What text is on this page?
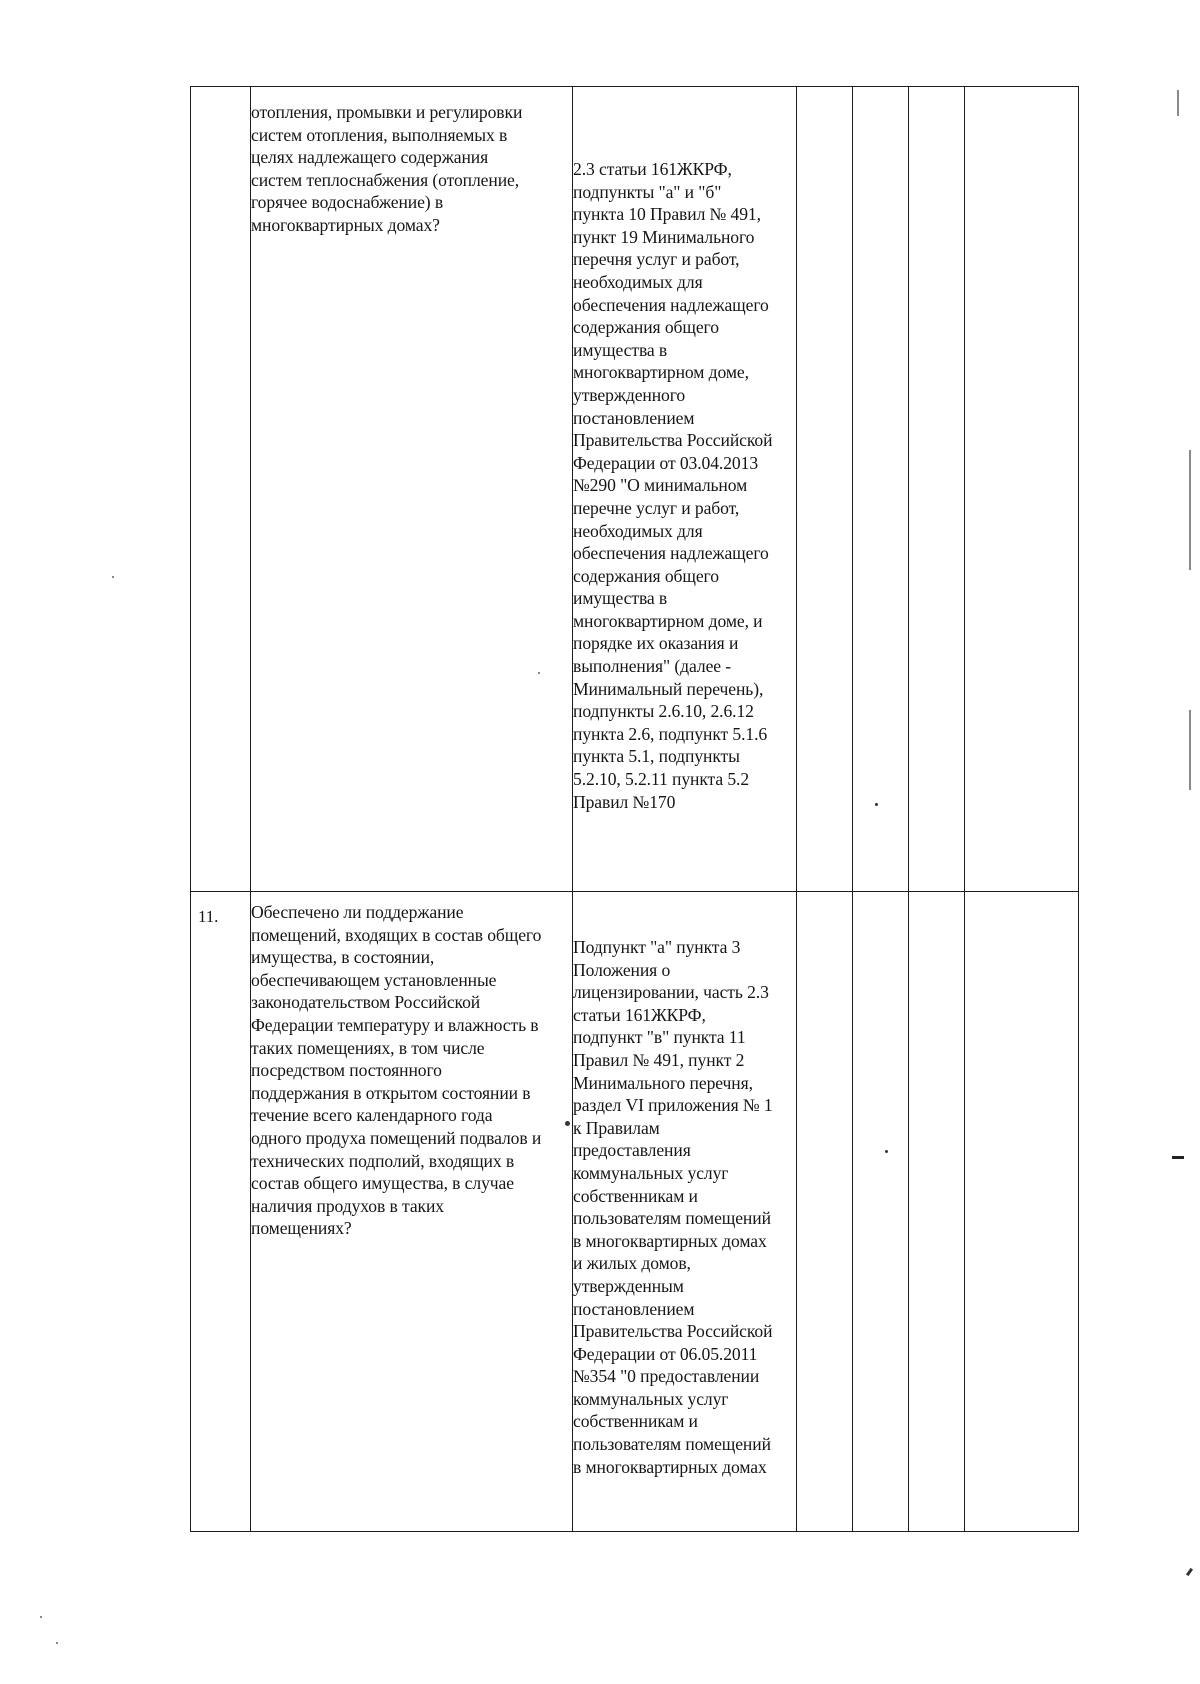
11.
отопления, промывки и регулировки
систем отопления, выполняемых в
целях надлежащего содержания
систем теплоснабжения (отопление,
горячее водоснабжение) в
многоквартирных домах?
2.3 статьи 161ЖКРФ,
подпункты "а" и "б"
пункта 10 Правил № 491,
пункт 19 Минимального
перечня услуг и работ,
необходимых для
обеспечения надлежащего
содержания общего
имущества в
многоквартирном доме,
утвержденного
постановлением
Правительства Российской
Федерации от 03.04.2013
№290 "О минимальном
перечне услуг и работ,
необходимых для
обеспечения надлежащего
содержания общего
имущества в
многоквартирном доме, и
порядке их оказания и
выполнения" (далее -
Минимальный перечень),
подпункты 2.6.10, 2.6.12
пункта 2.6, подпункт 5.1.6
пункта 5.1, подпункты
5.2.10, 5.2.11 пункта 5.2
Правил №170
Обеспечено ли поддержание
помещений, входящих в состав общего
имущества, в состоянии,
обеспечивающем установленные
законодательством Российской
Федерации температуру и влажность в
таких помещениях, в том числе
посредством постоянного
поддержания в открытом состоянии в
течение всего календарного года
одного продуха помещений подвалов и
технических подполий, входящих в
состав общего имущества, в случае
наличия продухов в таких
помещениях?
Подпункт "а" пункта 3
Положения о
лицензировании, часть 2.3
статьи 161ЖКРФ,
подпункт "в" пункта 11
Правил № 491, пункт 2
Минимального перечня,
раздел VI приложения № 1
к Правилам
предоставления
коммунальных услуг
собственникам и
пользователям помещений
в многоквартирных домах
и жилых домов,
утвержденным
постановлением
Правительства Российской
Федерации от 06.05.2011
№354 "0 предоставлении
коммунальных услуг
собственникам и
пользователям помещений
в многоквартирных домах
